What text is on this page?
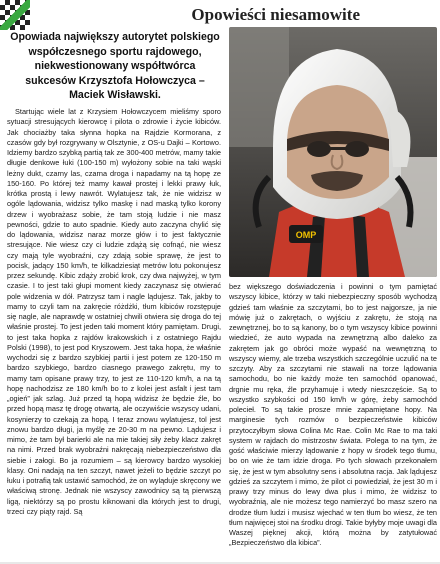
Opowieści niesamowite
Opowiada największy autorytet polskiego współczesnego sportu rajdowego, niekwestionowany współtwórca sukcesów Krzysztofa Hołowczyca – Maciek Wisławski.
OMP

Startując wiele lat z Krzysiem Hołowczycem mieliśmy sporo sytuacji stresujących kierowcę i pilota o zdrowie i życie kibiców. Jak chociażby taka słynna hopka na Rajdzie Kormorana, z czasów gdy był rozgrywany w Olsztynie, z OS-u Dajki – Kortowo. Idziemy bardzo szybką partią tak ze 300-400 metrów, mamy takie długie denkowe łuki (100-150 m) wyłożony sobie na taki wąski leżny dukt, czarny las, czarna droga i napadamy na tą hopę ze 150-160. Po której też mamy kawał prostej i lekki prawy łuk, krótka prostą i lewy nawrót. Wylatujesz tak, że nie widzisz w ogóle lądowania, widzisz tylko maskę i nad maską tylko korony drzew i wyobrażasz sobie, że tam stoją ludzie i nie masz pewności, gdzie to auto spadnie. Kiedy auto zaczyna chylić się do lądowania, widzisz naraz morze głów i to jest faktycznie stresujące. Nie wiesz czy ci ludzie zdążą się cofnąć, nie wiesz czy mają tyle wyobraźni, czy zdają sobie sprawę, że jest to pocisk, jadący 150 km/h, te kilkadziesiąt metrów lotu pokonujesz przez sekundę. Kibic zdąży zrobić krok, czy dwa najwyżej, w tym czasie. I to jest taki głupi moment kiedy zaczynasz się otwierać pole widzenia w dół. Patrzysz tam i nagle lądujesz. Tak, jakby to mamy to czyli tam na zakręcie różdżki, tłum kibiców rozstępuje się nagle, ale naprawdę w ostatniej chwili otwiera się droga do tej właśnie prostej. To jest jeden taki moment który pamiętam. Drugi, to jest taka hopka z rajdów krakowskich i z ostatniego Rajdu Polski (1998), to jest pod Kryszowem. Jest taka hopa, że właśnie wychodzi się z bardzo szybkiej partii i jest potem ze 120-150 m bardzo szybkiego, bardzo ciasnego prawego zakrętu, my to mamy tam opisane prawy trzy, to jest ze 110-120 km/h, a na tą hopę nachodzisz ze 180 km/h bo to z kolei jest asfalt i jest tam „ogień” jak szlag. Już przed tą hopą widzisz że będzie źle, bo przed hopą masz tę drogę otwartą, ale oczywiście wszyscy udani, kosynierzy to czekają za hopą. I teraz znowu wylatujesz, tol jest znowu bardzo długi, ja myślę ze 20-30 m na pewno. Lądujesz i mimo, że tam był barierki ale na mie takiej siły żeby klacz zakręt na nimi. Przed brak wyobraźni nakręcają niebezpieczeństwo dla siebie i załogi. Bo ja rozumiem – są kierowcy bardzo wysokiej klasy. Oni nadają na ten szczyt, nawet jeżeli to będzie szczyt po łuku i potrafią tak ustawić samochód, że on wyląduje skręcony we właściwą stronę. Jednak nie wszyscy zawodnicy są tą pierwszą ligą, niektórzy są po prostu kiknowani dla których jest to drugi, trzeci czy piąty rajd. Są

bez większego doświadczenia i powinni o tym pamiętać wszyscy kibice, którzy w taki niebezpieczny sposób wychodzą gdzieś tam właśnie za szczytami, bo to jest najgorsze, ja nie mówię już o zakrętach, o wyjściu z zakrętu, że stoją na zewnętrznej, bo to są kanony, bo o tym wszyscy kibice powinni wiedzieć, że auto wypada na zewnętrzną albo daleko za zakrętem jak go obróci może wypaść na wewnętrzną to wszyscy wiemy, ale trzeba wszystkich szczególnie uczulić na te szczyty. Aby za szczytami nie stawali na torze lądowania samochodu, bo nie każdy może ten samochód opanować, drgnie mu ręka, źle przyhamuje i wtedy nieszczęście. Są to wszystko szybkości od 150 km/h w górę, żeby samochód polecieł. To są takie prosze mnie zapamiętane hopy. Na marginesie tych rozmów o bezpieczeństwie kibiców przytoczyłbym słowa Colina Mc Rae. Colin Mc Rae to ma taki system w rajdach do mistrzostw świata. Polega to na tym, że gość właściwie mierzy lądowanie z hopy w środek tego tłumu, bo on wie że tam idzie droga. Po tych słowach przekonałem się, że jest w tym absolutny sens i absolutna racja. Jak lądujesz gdzieś za szczytem i mimo, że pilot ci powiedział, że jest 30 m i prawy trzy minus do lewy dwa plus i mimo, że widzisz to wyobraźnią, ale nie możesz tego namierzyć bo masz szero na drodze tłum ludzi i musisz wjechać w ten tłum bo wiesz, że ten tłum najwięcej stoi na środku drogi. Takie byłyby moje uwagi dla Waszej pięknej akcji, którą można by zatytułować „Bezpieczeństwo dla kibica”.
